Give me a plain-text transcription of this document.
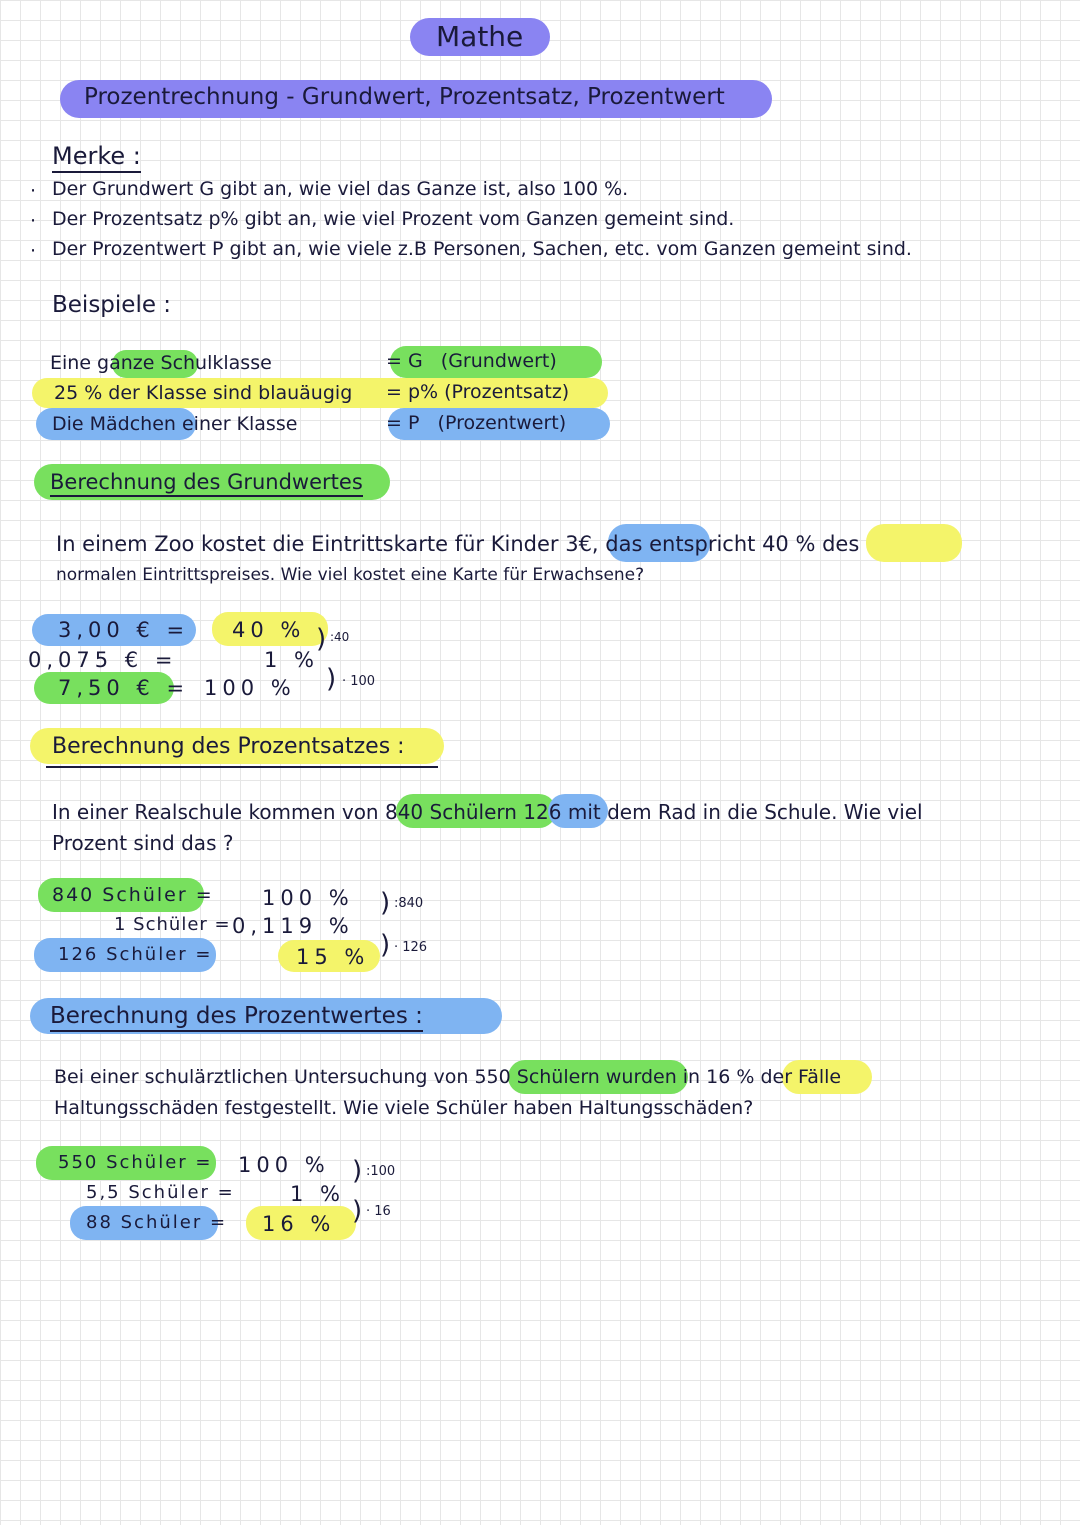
Mathe
Prozentrechnung - Grundwert, Prozentsatz, Prozentwert
Merke :
·
·
·
Der Grundwert G gibt an, wie viel das Ganze ist, also 100 %.
Der Prozentsatz p% gibt an, wie viel Prozent vom Ganzen gemeint sind.
Der Prozentwert P gibt an, wie viele z.B Personen, Sachen, etc. vom Ganzen gemeint sind.
Beispiele :
Eine ganze Schulklasse
25 % der Klasse sind blauäugig
Die Mädchen einer Klasse
= G   (Grundwert)
= p% (Prozentsatz)
= P   (Prozentwert)
Berechnung des Grundwertes
In einem Zoo kostet die Eintrittskarte für Kinder 3€, das entspricht 40 % des
normalen Eintrittspreises. Wie viel kostet eine Karte für Erwachsene?
3,00 € =
0,075 € =
7,50 € =
40 %
1 %
100 %
)
)
:40
· 100
Berechnung des Prozentsatzes :
In einer Realschule kommen von 840 Schülern 126 mit dem Rad in die Schule. Wie viel
Prozent sind das ?
840 Schüler =
1 Schüler =
126 Schüler =
100 %
0,119 %
15 %
)
)
:840
· 126
Berechnung des Prozentwertes :
Bei einer schulärztlichen Untersuchung von 550 Schülern wurden in 16 % der Fälle
Haltungsschäden festgestellt. Wie viele Schüler haben Haltungsschäden?
550 Schüler =
5,5 Schüler =
88 Schüler =
100 %
1 %
16 %
)
)
:100
· 16
